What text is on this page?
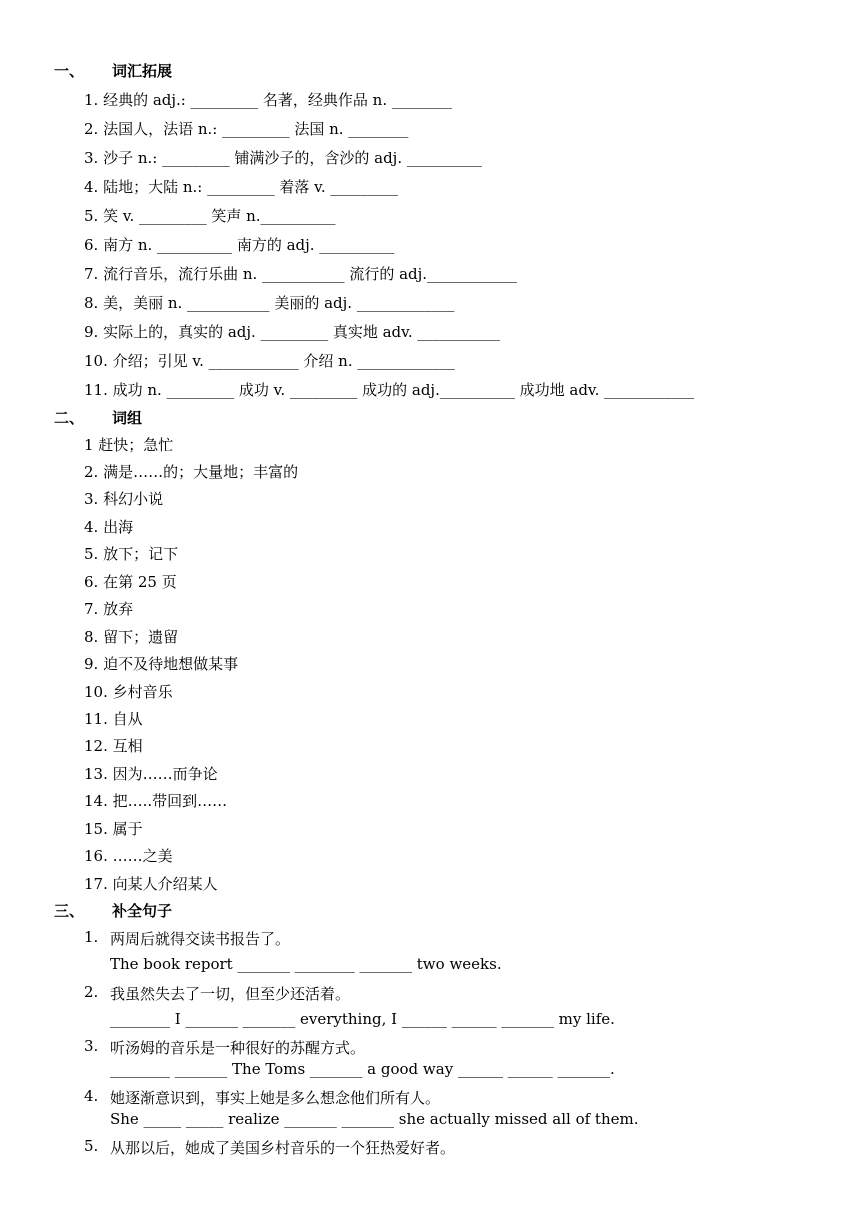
一、 词汇拓展
1. 经典的 adj.: _________ 名著，经典作品 n. ________
2. 法国人，法语 n.: _________ 法国 n. ________
3. 沙子 n.: _________ 铺满沙子的，含沙的 adj. __________
4. 陆地；大陆 n.: _________ 着落 v. _________
5. 笑 v. _________ 笑声 n.__________
6. 南方 n. __________ 南方的 adj. __________
7. 流行音乐，流行乐曲 n. ___________ 流行的 adj.____________
8. 美，美丽 n. ___________ 美丽的 adj. _____________
9. 实际上的，真实的 adj. _________ 真实地 adv. ___________
10. 介绍；引见 v. ____________ 介绍 n. _____________
11. 成功 n. _________ 成功 v. _________ 成功的 adj.__________ 成功地 adv. ____________
二、 词组
1 赶快；急忙
2. 满是……的；大量地；丰富的
3. 科幻小说
4. 出海
5. 放下；记下
6. 在第 25 页
7. 放弃
8. 留下；遗留
9. 迫不及待地想做某事
10. 乡村音乐
11. 自从
12. 互相
13. 因为……而争论
14. 把…..带回到……
15. 属于
16. ……之美
17. 向某人介绍某人
三、 补全句子
1. 两周后就得交读书报告了。
The book report _______ ________ _______ two weeks.
2. 我虽然失去了一切，但至少还活着。
________ I _______ _______ everything, I ______ ______ _______ my life.
3. 听汤姆的音乐是一种很好的苏醒方式。
________ _______ The Toms _______ a good way ______ ______ _______.
4. 她逐渐意识到，事实上她是多么想念他们所有人。
She _____ _____ realize _______ _______ she actually missed all of them.
5. 从那以后，她成了美国乡村音乐的一个狂热爱好者。
